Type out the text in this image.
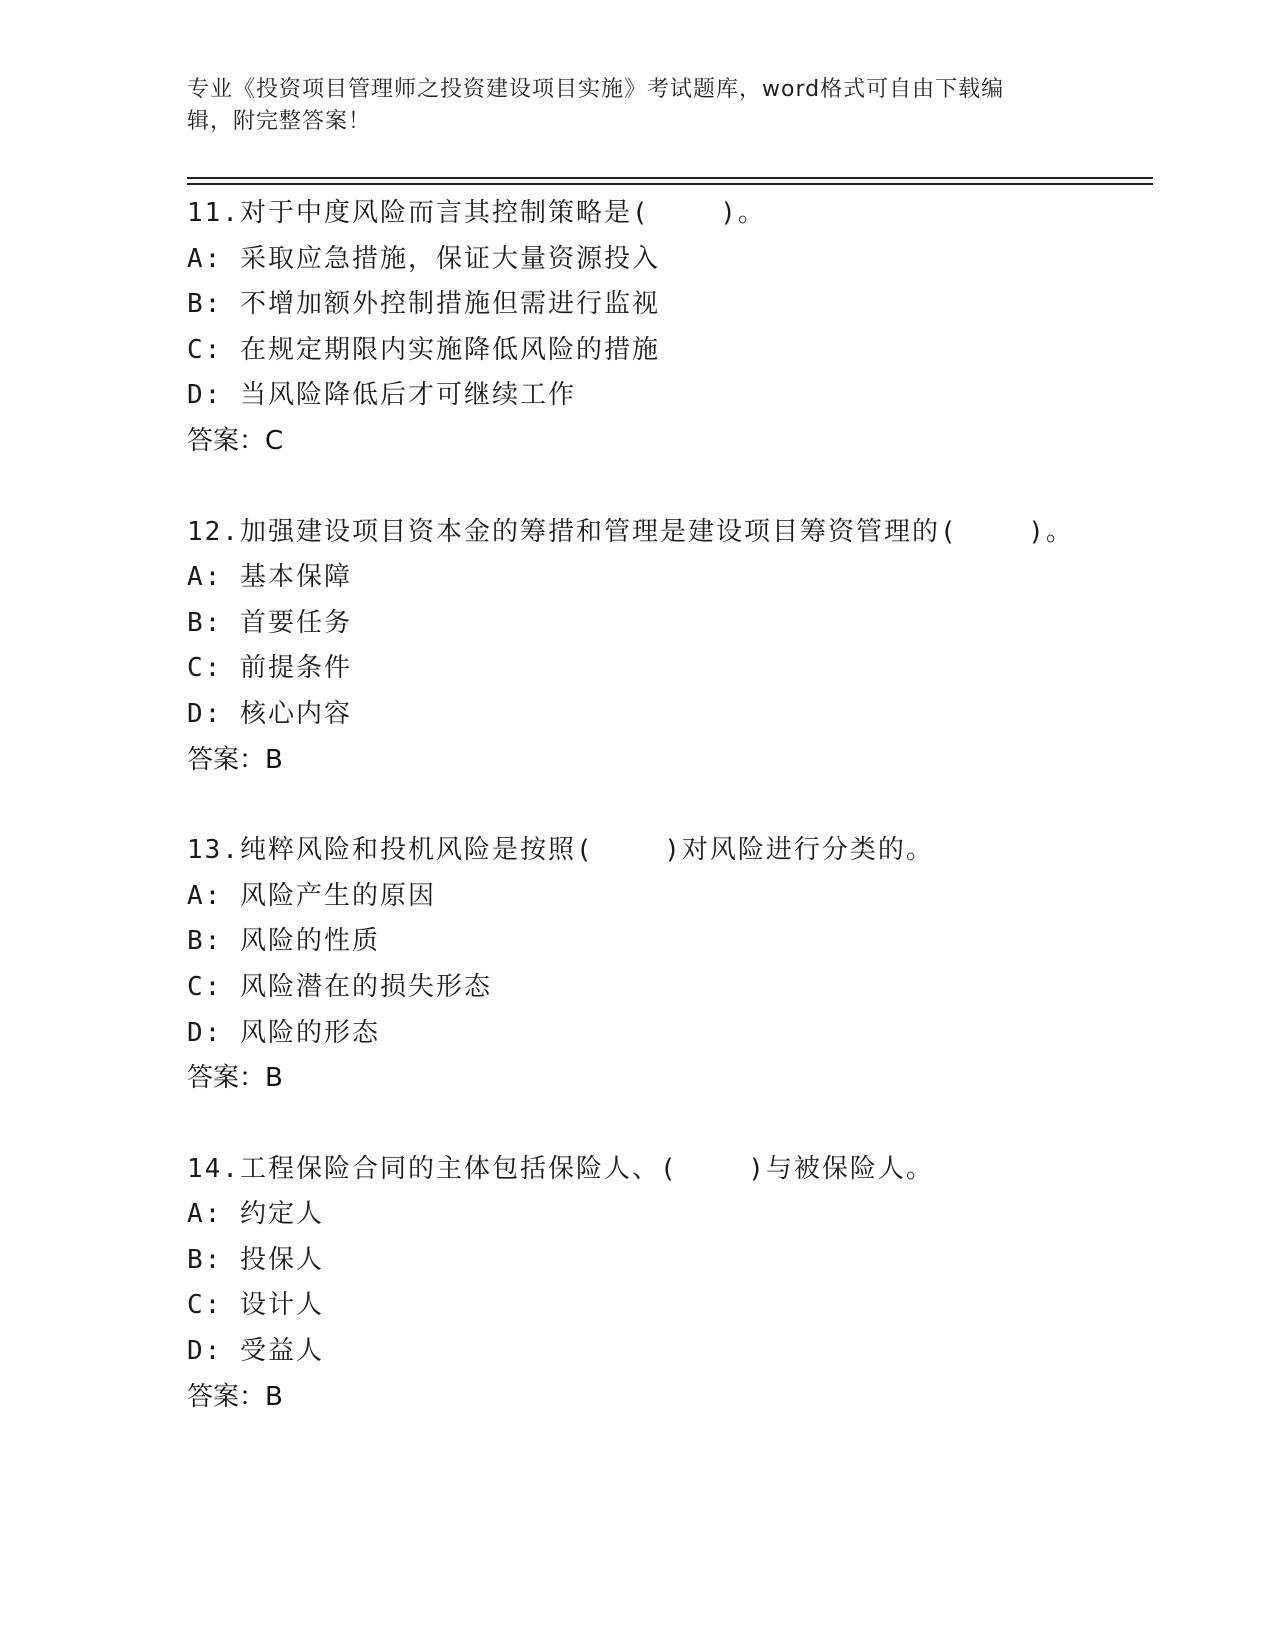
专业《投资项目管理师之投资建设项目实施》考试题库，word格式可自由下载编
辑，附完整答案！
11.对于中度风险而言其控制策略是(    )。
A: 采取应急措施，保证大量资源投入
B: 不增加额外控制措施但需进行监视
C: 在规定期限内实施降低风险的措施
D: 当风险降低后才可继续工作
答案：C
12.加强建设项目资本金的筹措和管理是建设项目筹资管理的(    )。
A: 基本保障
B: 首要任务
C: 前提条件
D: 核心内容
答案：B
13.纯粹风险和投机风险是按照(    )对风险进行分类的。
A: 风险产生的原因
B: 风险的性质
C: 风险潜在的损失形态
D: 风险的形态
答案：B
14.工程保险合同的主体包括保险人、(    )与被保险人。
A: 约定人
B: 投保人
C: 设计人
D: 受益人
答案：B
